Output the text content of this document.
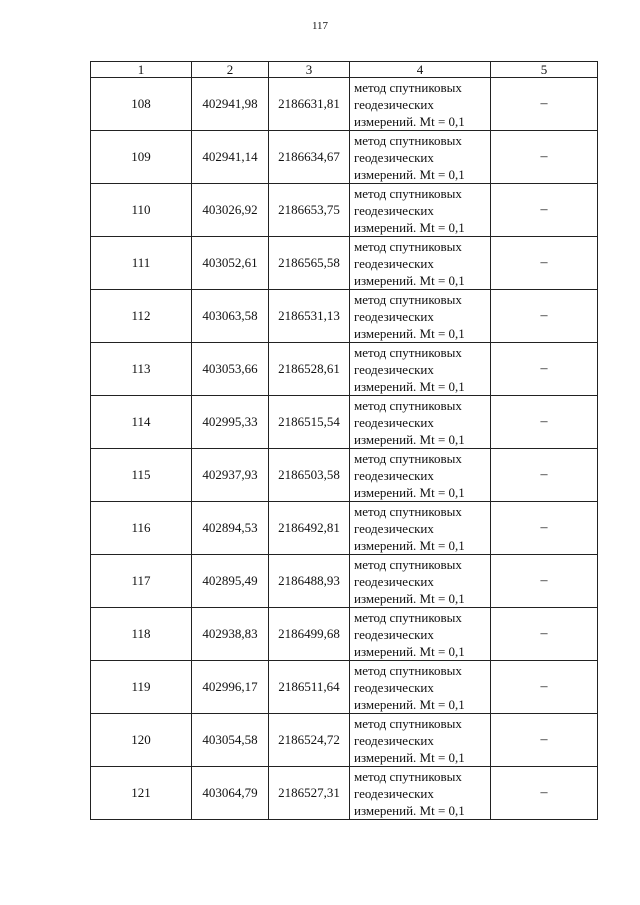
117
1	2	3	4	5
108	402941,98	2186631,81	метод спутниковых
геодезических
измерений. Mt = 0,1	–
109	402941,14	2186634,67	метод спутниковых
геодезических
измерений. Mt = 0,1	–
110	403026,92	2186653,75	метод спутниковых
геодезических
измерений. Mt = 0,1	–
111	403052,61	2186565,58	метод спутниковых
геодезических
измерений. Mt = 0,1	–
112	403063,58	2186531,13	метод спутниковых
геодезических
измерений. Mt = 0,1	–
113	403053,66	2186528,61	метод спутниковых
геодезических
измерений. Mt = 0,1	–
114	402995,33	2186515,54	метод спутниковых
геодезических
измерений. Mt = 0,1	–
115	402937,93	2186503,58	метод спутниковых
геодезических
измерений. Mt = 0,1	–
116	402894,53	2186492,81	метод спутниковых
геодезических
измерений. Mt = 0,1	–
117	402895,49	2186488,93	метод спутниковых
геодезических
измерений. Mt = 0,1	–
118	402938,83	2186499,68	метод спутниковых
геодезических
измерений. Mt = 0,1	–
119	402996,17	2186511,64	метод спутниковых
геодезических
измерений. Mt = 0,1	–
120	403054,58	2186524,72	метод спутниковых
геодезических
измерений. Mt = 0,1	–
121	403064,79	2186527,31	метод спутниковых
геодезических
измерений. Mt = 0,1	–
